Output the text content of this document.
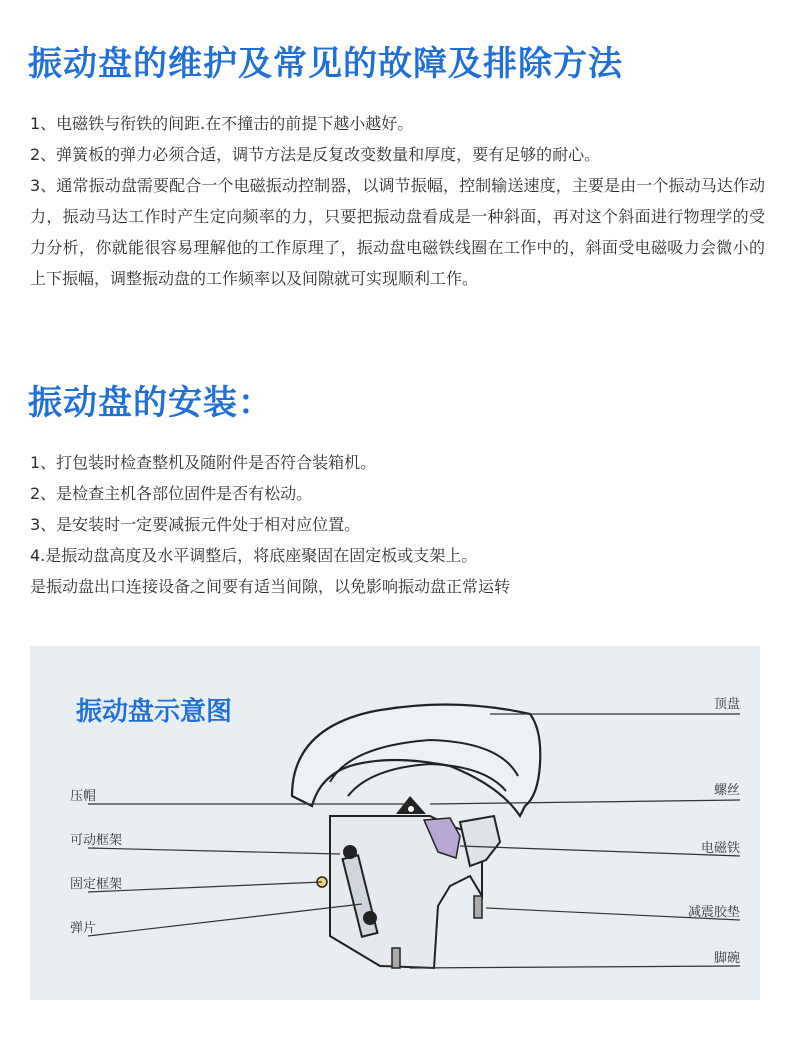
振动盘的维护及常见的故障及排除方法

1、电磁铁与衔铁的间距.在不撞击的前提下越小越好。

2、弹簧板的弹力必须合适，调节方法是反复改变数量和厚度，要有足够的耐心。

3、通常振动盘需要配合一个电磁振动控制器，以调节振幅，控制输送速度，主要是由一个振动马达作动力，振动马达工作时产生定向频率的力，只要把振动盘看成是一种斜面，再对这个斜面进行物理学的受力分析，你就能很容易理解他的工作原理了，振动盘电磁铁线圈在工作中的，斜面受电磁吸力会微小的上下振幅，调整振动盘的工作频率以及间隙就可实现顺利工作。

振动盘的安装：

1、打包装时检查整机及随附件是否符合装箱机。

2、是检查主机各部位固件是否有松动。

3、是安装时一定要减振元件处于相对应位置。

4.是振动盘高度及水平调整后，将底座聚固在固定板或支架上。

是振动盘出口连接设备之间要有适当间隙，以免影响振动盘正常运转

振动盘示意图
压帽
可动框架
固定框架
弹片
顶盘
螺丝
电磁铁
减震胶垫
脚碗
